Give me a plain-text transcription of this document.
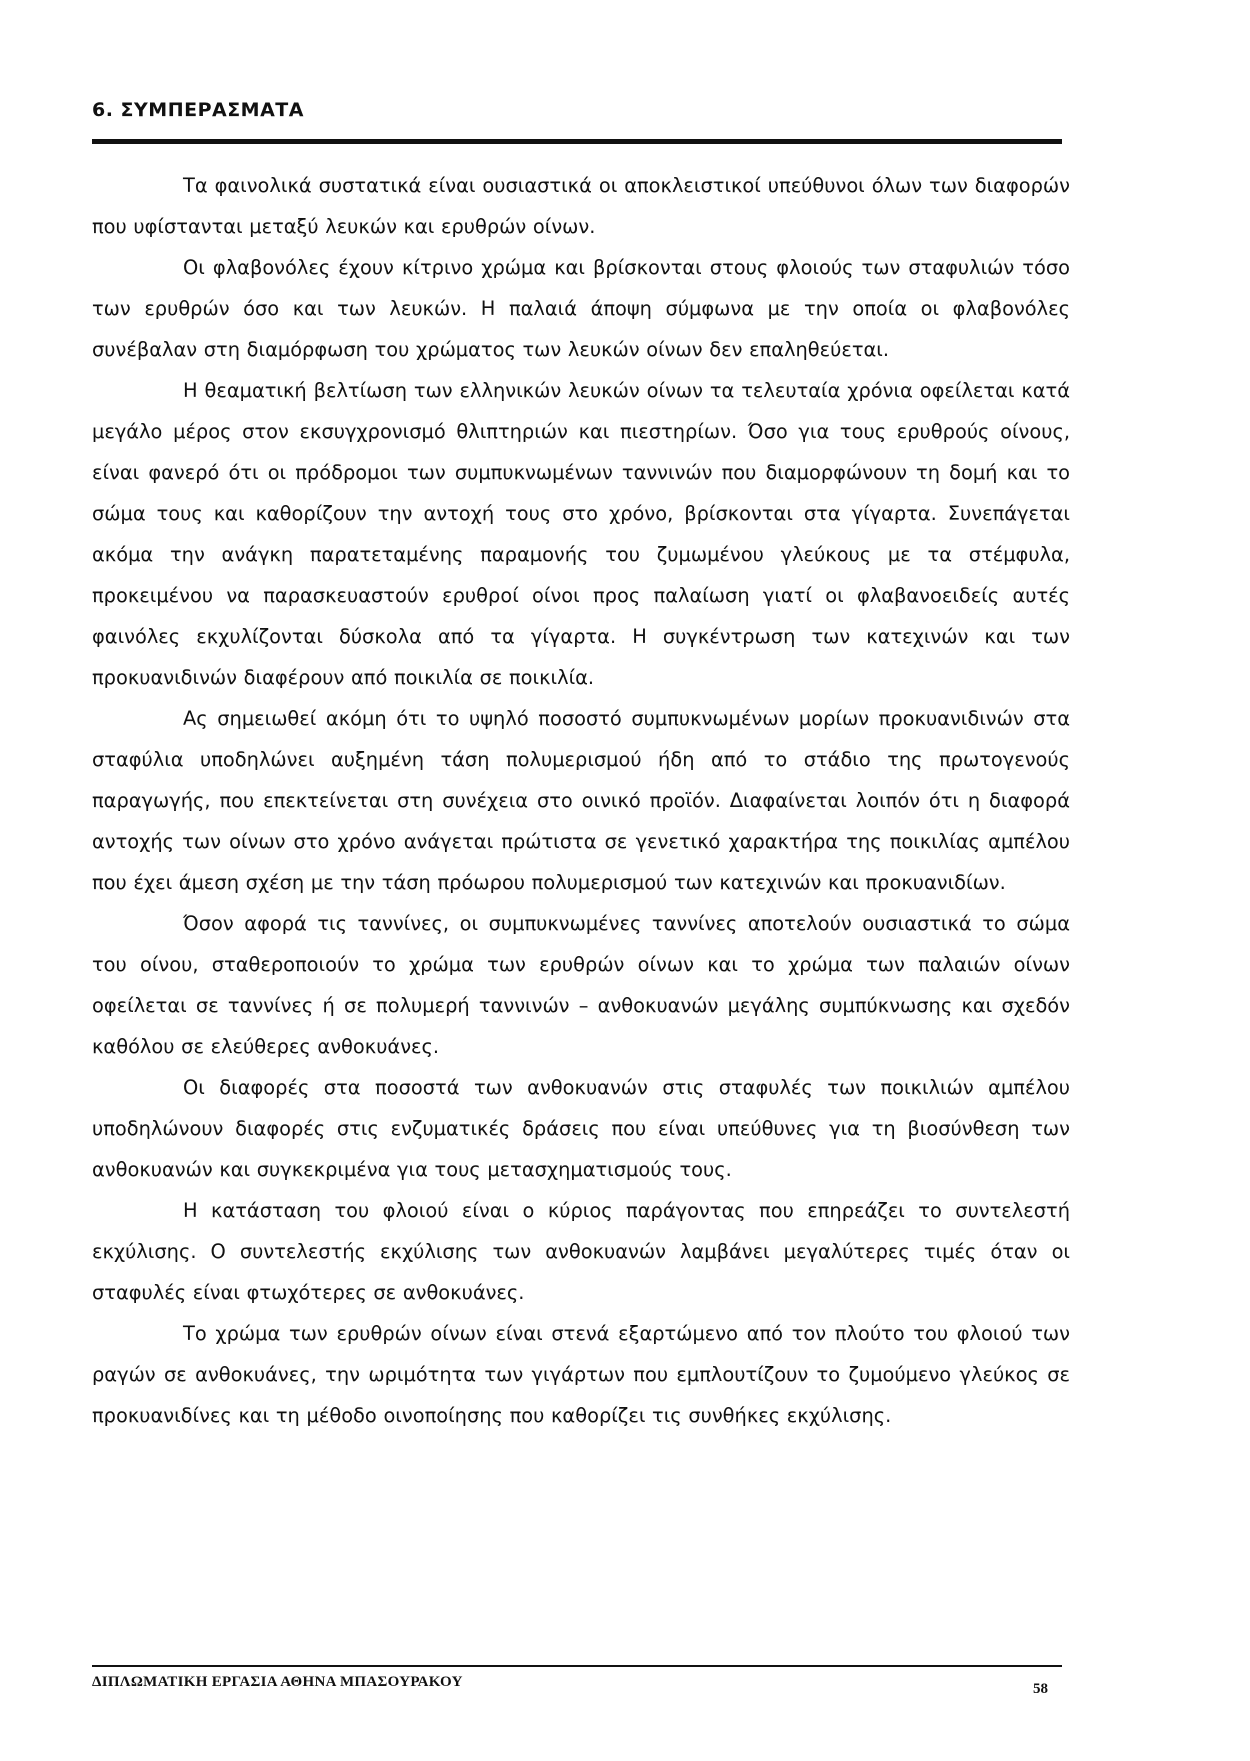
6. ΣΥΜΠΕΡΑΣΜΑΤΑ

Τα φαινολικά συστατικά είναι ουσιαστικά οι αποκλειστικοί υπεύθυνοι όλων των διαφορών που υφίστανται μεταξύ λευκών και ερυθρών οίνων.

Οι φλαβονόλες έχουν κίτρινο χρώμα και βρίσκονται στους φλοιούς των σταφυλιών τόσο των ερυθρών όσο και των λευκών. Η παλαιά άποψη σύμφωνα με την οποία οι φλαβονόλες συνέβαλαν στη διαμόρφωση του χρώματος των λευκών οίνων δεν επαληθεύεται.

Η θεαματική βελτίωση των ελληνικών λευκών οίνων τα τελευταία χρόνια οφείλεται κατά μεγάλο μέρος στον εκσυγχρονισμό θλιπτηριών και πιεστηρίων. Όσο για τους ερυθρούς οίνους, είναι φανερό ότι οι πρόδρομοι των συμπυκνωμένων ταννινών που διαμορφώνουν τη δομή και το σώμα τους και καθορίζουν την αντοχή τους στο χρόνο, βρίσκονται στα γίγαρτα. Συνεπάγεται ακόμα την ανάγκη παρατεταμένης παραμονής του ζυμωμένου γλεύκους με τα στέμφυλα, προκειμένου να παρασκευαστούν ερυθροί οίνοι προς παλαίωση γιατί οι φλαβανοειδείς αυτές φαινόλες εκχυλίζονται δύσκολα από τα γίγαρτα. Η συγκέντρωση των κατεχινών και των προκυανιδινών διαφέρουν από ποικιλία σε ποικιλία.

Ας σημειωθεί ακόμη ότι το υψηλό ποσοστό συμπυκνωμένων μορίων προκυανιδινών στα σταφύλια υποδηλώνει αυξημένη τάση πολυμερισμού ήδη από το στάδιο της πρωτογενούς παραγωγής, που επεκτείνεται στη συνέχεια στο οινικό προϊόν. Διαφαίνεται λοιπόν ότι η διαφορά αντοχής των οίνων στο χρόνο ανάγεται πρώτιστα σε γενετικό χαρακτήρα της ποικιλίας αμπέλου που έχει άμεση σχέση με την τάση πρόωρου πολυμερισμού των κατεχινών και προκυανιδίων.

Όσον αφορά τις ταννίνες, οι συμπυκνωμένες ταννίνες αποτελούν ουσιαστικά το σώμα του οίνου, σταθεροποιούν το χρώμα των ερυθρών οίνων και το χρώμα των παλαιών οίνων οφείλεται σε ταννίνες ή σε πολυμερή ταννινών – ανθοκυανών μεγάλης συμπύκνωσης και σχεδόν καθόλου σε ελεύθερες ανθοκυάνες.

Οι διαφορές στα ποσοστά των ανθοκυανών στις σταφυλές των ποικιλιών αμπέλου υποδηλώνουν διαφορές στις ενζυματικές δράσεις που είναι υπεύθυνες για τη βιοσύνθεση των ανθοκυανών και συγκεκριμένα για τους μετασχηματισμούς τους.

Η κατάσταση του φλοιού είναι ο κύριος παράγοντας που επηρεάζει το συντελεστή εκχύλισης. Ο συντελεστής εκχύλισης των ανθοκυανών λαμβάνει μεγαλύτερες τιμές όταν οι σταφυλές είναι φτωχότερες σε ανθοκυάνες.

Το χρώμα των ερυθρών οίνων είναι στενά εξαρτώμενο από τον πλούτο του φλοιού των ραγών σε ανθοκυάνες, την ωριμότητα των γιγάρτων που εμπλουτίζουν το ζυμούμενο γλεύκος σε προκυανιδίνες και τη μέθοδο οινοποίησης που καθορίζει τις συνθήκες εκχύλισης.

ΔΙΠΛΩΜΑΤΙΚΗ ΕΡΓΑΣΙΑ ΑΘΗΝΑ ΜΠΑΣΟΥΡΑΚΟΥ	58
